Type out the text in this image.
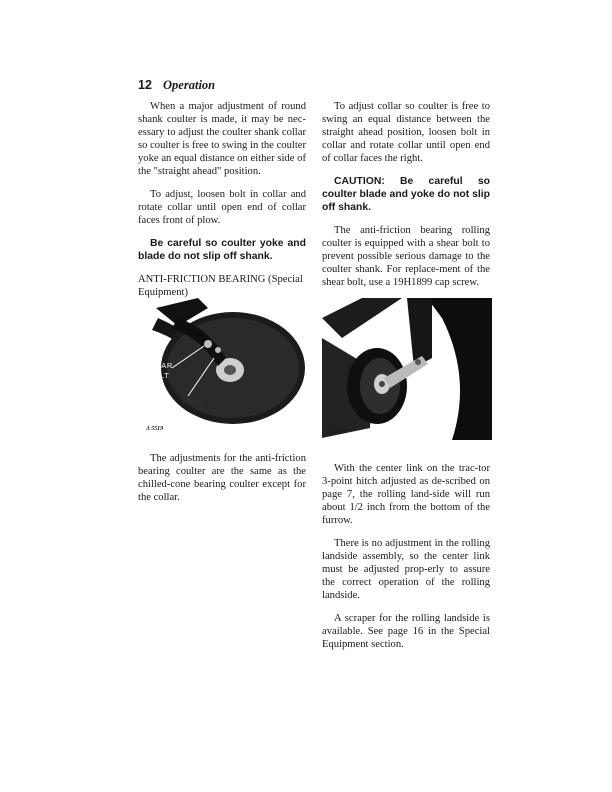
12 Operation

When a major adjustment of round shank coulter is made, it may be nec-essary to adjust the coulter shank collar so coulter is free to swing in the coulter yoke an equal distance on either side of the "straight ahead" position.

To adjust, loosen bolt in collar and rotate collar until open end of collar faces front of plow.

Be careful so coulter yoke and blade do not slip off shank.

ANTI-FRICTION BEARING (Special Equipment)

SHEAR
BOLT
YOKE
A 5519

The adjustments for the anti-friction bearing coulter are the same as the chilled-cone bearing coulter except for the collar.

To adjust collar so coulter is free to swing an equal distance between the straight ahead position, loosen bolt in collar and rotate collar until open end of collar faces the right.

CAUTION: Be careful so coulter blade and yoke do not slip off shank.

The anti-friction bearing rolling coulter is equipped with a shear bolt to prevent possible serious damage to the coulter shank. For replace-ment of the shear bolt, use a 19H1899 cap screw.

A 5520

With the center link on the trac-tor 3-point hitch adjusted as de-scribed on page 7, the rolling land-side will run about 1/2 inch from the bottom of the furrow.

There is no adjustment in the rolling landside assembly, so the center link must be adjusted prop-erly to assure the correct operation of the rolling landside.

A scraper for the rolling landside is available. See page 16 in the Special Equipment section.
